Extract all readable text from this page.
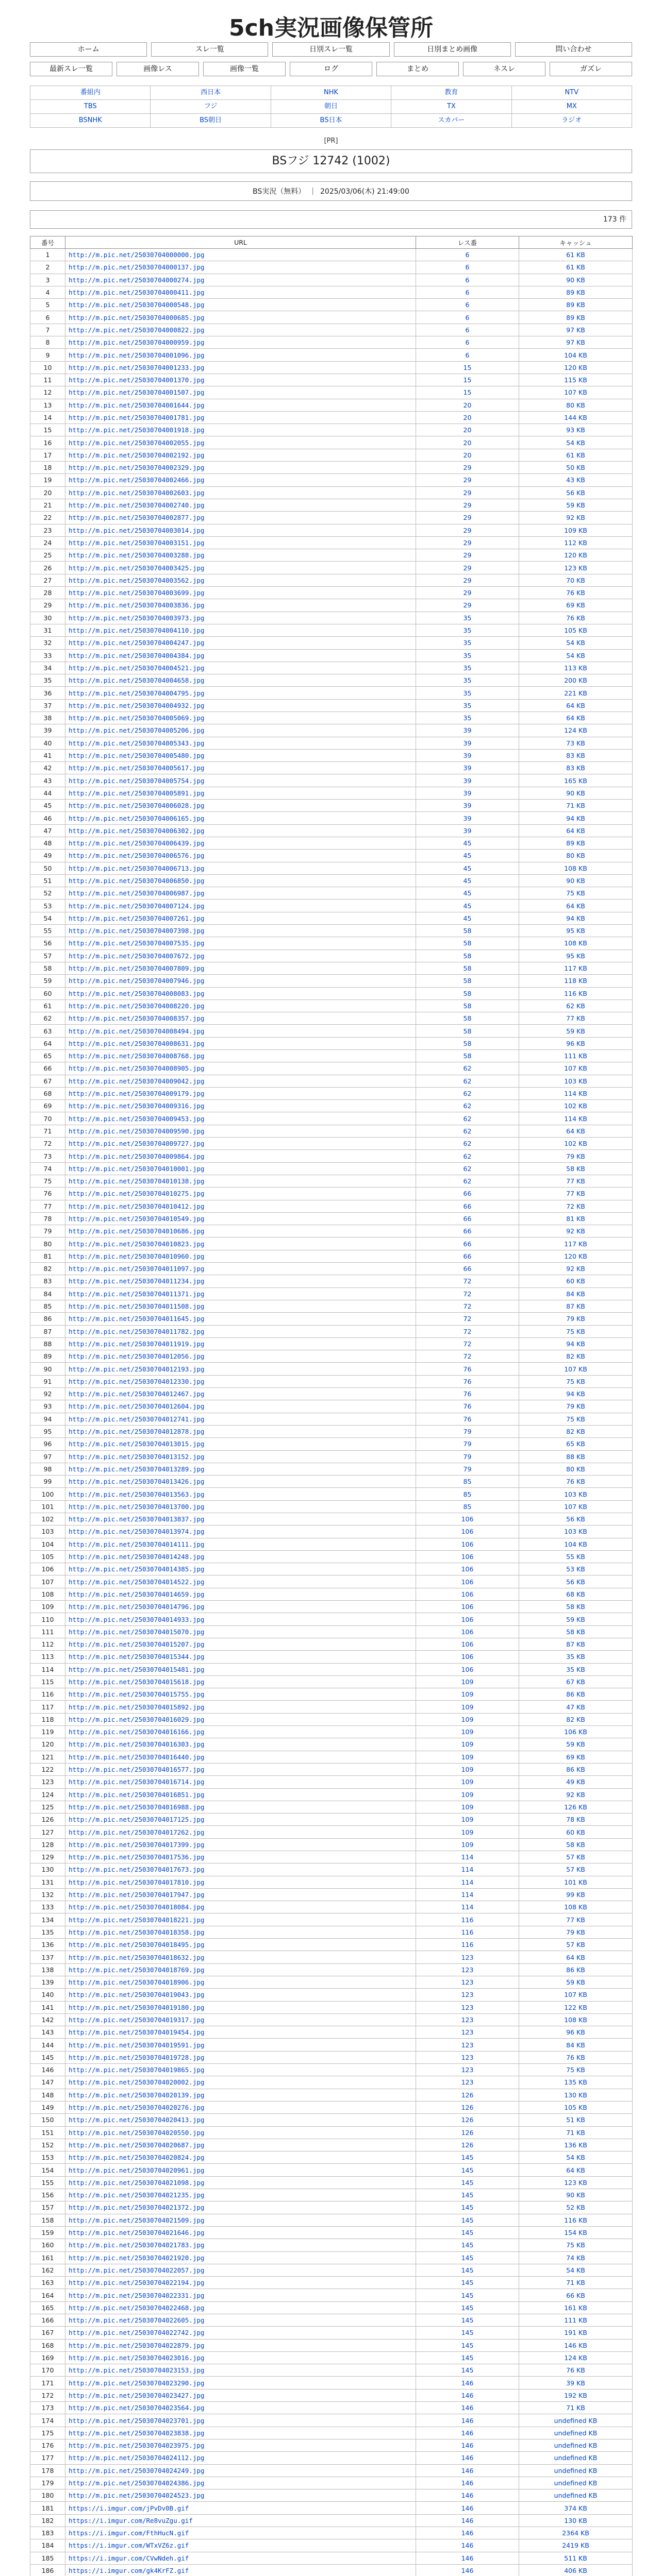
5ch実況画像保管所
ホーム	スレ一覧	日別スレ一覧	日別まとめ画像	問い合わせ
最新スレ一覧	画像レス	画像一覧	ログ	まとめ	ネスレ	ガズレ
番組内	西日本	NHK	教育	NTV
TBS	フジ	朝日	TX	MX
BSNHK	BS朝日	BS日本	スカパー	ラジオ
[PR]
BSフジ 12742 (1002)
BS実況（無料） | 2025/03/06(木) 21:49:00
173 件
番号	URL	レス番	キャッシュ
1	http://m.pic.net/25030704000000.jpg	6	61 KB
2	http://m.pic.net/25030704000137.jpg	6	61 KB
3	http://m.pic.net/25030704000274.jpg	6	90 KB
4	http://m.pic.net/25030704000411.jpg	6	89 KB
5	http://m.pic.net/25030704000548.jpg	6	89 KB
6	http://m.pic.net/25030704000685.jpg	6	89 KB
7	http://m.pic.net/25030704000822.jpg	6	97 KB
8	http://m.pic.net/25030704000959.jpg	6	97 KB
9	http://m.pic.net/25030704001096.jpg	6	104 KB
10	http://m.pic.net/25030704001233.jpg	15	120 KB
11	http://m.pic.net/25030704001370.jpg	15	115 KB
12	http://m.pic.net/25030704001507.jpg	15	107 KB
13	http://m.pic.net/25030704001644.jpg	20	80 KB
14	http://m.pic.net/25030704001781.jpg	20	144 KB
15	http://m.pic.net/25030704001918.jpg	20	93 KB
16	http://m.pic.net/25030704002055.jpg	20	54 KB
17	http://m.pic.net/25030704002192.jpg	20	61 KB
18	http://m.pic.net/25030704002329.jpg	29	50 KB
19	http://m.pic.net/25030704002466.jpg	29	43 KB
20	http://m.pic.net/25030704002603.jpg	29	56 KB
21	http://m.pic.net/25030704002740.jpg	29	59 KB
22	http://m.pic.net/25030704002877.jpg	29	92 KB
23	http://m.pic.net/25030704003014.jpg	29	109 KB
24	http://m.pic.net/25030704003151.jpg	29	112 KB
25	http://m.pic.net/25030704003288.jpg	29	120 KB
26	http://m.pic.net/25030704003425.jpg	29	123 KB
27	http://m.pic.net/25030704003562.jpg	29	70 KB
28	http://m.pic.net/25030704003699.jpg	29	76 KB
29	http://m.pic.net/25030704003836.jpg	29	69 KB
30	http://m.pic.net/25030704003973.jpg	35	76 KB
31	http://m.pic.net/25030704004110.jpg	35	105 KB
32	http://m.pic.net/25030704004247.jpg	35	54 KB
33	http://m.pic.net/25030704004384.jpg	35	54 KB
34	http://m.pic.net/25030704004521.jpg	35	113 KB
35	http://m.pic.net/25030704004658.jpg	35	200 KB
36	http://m.pic.net/25030704004795.jpg	35	221 KB
37	http://m.pic.net/25030704004932.jpg	35	64 KB
38	http://m.pic.net/25030704005069.jpg	35	64 KB
39	http://m.pic.net/25030704005206.jpg	39	124 KB
40	http://m.pic.net/25030704005343.jpg	39	73 KB
41	http://m.pic.net/25030704005480.jpg	39	83 KB
42	http://m.pic.net/25030704005617.jpg	39	83 KB
43	http://m.pic.net/25030704005754.jpg	39	165 KB
44	http://m.pic.net/25030704005891.jpg	39	90 KB
45	http://m.pic.net/25030704006028.jpg	39	71 KB
46	http://m.pic.net/25030704006165.jpg	39	94 KB
47	http://m.pic.net/25030704006302.jpg	39	64 KB
48	http://m.pic.net/25030704006439.jpg	45	89 KB
49	http://m.pic.net/25030704006576.jpg	45	80 KB
50	http://m.pic.net/25030704006713.jpg	45	108 KB
51	http://m.pic.net/25030704006850.jpg	45	90 KB
52	http://m.pic.net/25030704006987.jpg	45	75 KB
53	http://m.pic.net/25030704007124.jpg	45	64 KB
54	http://m.pic.net/25030704007261.jpg	45	94 KB
55	http://m.pic.net/25030704007398.jpg	58	95 KB
56	http://m.pic.net/25030704007535.jpg	58	108 KB
57	http://m.pic.net/25030704007672.jpg	58	95 KB
58	http://m.pic.net/25030704007809.jpg	58	117 KB
59	http://m.pic.net/25030704007946.jpg	58	118 KB
60	http://m.pic.net/25030704008083.jpg	58	116 KB
61	http://m.pic.net/25030704008220.jpg	58	62 KB
62	http://m.pic.net/25030704008357.jpg	58	77 KB
63	http://m.pic.net/25030704008494.jpg	58	59 KB
64	http://m.pic.net/25030704008631.jpg	58	96 KB
65	http://m.pic.net/25030704008768.jpg	58	111 KB
66	http://m.pic.net/25030704008905.jpg	62	107 KB
67	http://m.pic.net/25030704009042.jpg	62	103 KB
68	http://m.pic.net/25030704009179.jpg	62	114 KB
69	http://m.pic.net/25030704009316.jpg	62	102 KB
70	http://m.pic.net/25030704009453.jpg	62	114 KB
71	http://m.pic.net/25030704009590.jpg	62	64 KB
72	http://m.pic.net/25030704009727.jpg	62	102 KB
73	http://m.pic.net/25030704009864.jpg	62	79 KB
74	http://m.pic.net/25030704010001.jpg	62	58 KB
75	http://m.pic.net/25030704010138.jpg	62	77 KB
76	http://m.pic.net/25030704010275.jpg	66	77 KB
77	http://m.pic.net/25030704010412.jpg	66	72 KB
78	http://m.pic.net/25030704010549.jpg	66	81 KB
79	http://m.pic.net/25030704010686.jpg	66	92 KB
80	http://m.pic.net/25030704010823.jpg	66	117 KB
81	http://m.pic.net/25030704010960.jpg	66	120 KB
82	http://m.pic.net/25030704011097.jpg	66	92 KB
83	http://m.pic.net/25030704011234.jpg	72	60 KB
84	http://m.pic.net/25030704011371.jpg	72	84 KB
85	http://m.pic.net/25030704011508.jpg	72	87 KB
86	http://m.pic.net/25030704011645.jpg	72	79 KB
87	http://m.pic.net/25030704011782.jpg	72	75 KB
88	http://m.pic.net/25030704011919.jpg	72	94 KB
89	http://m.pic.net/25030704012056.jpg	72	82 KB
90	http://m.pic.net/25030704012193.jpg	76	107 KB
91	http://m.pic.net/25030704012330.jpg	76	75 KB
92	http://m.pic.net/25030704012467.jpg	76	94 KB
93	http://m.pic.net/25030704012604.jpg	76	79 KB
94	http://m.pic.net/25030704012741.jpg	76	75 KB
95	http://m.pic.net/25030704012878.jpg	79	82 KB
96	http://m.pic.net/25030704013015.jpg	79	65 KB
97	http://m.pic.net/25030704013152.jpg	79	88 KB
98	http://m.pic.net/25030704013289.jpg	79	80 KB
99	http://m.pic.net/25030704013426.jpg	85	76 KB
100	http://m.pic.net/25030704013563.jpg	85	103 KB
101	http://m.pic.net/25030704013700.jpg	85	107 KB
102	http://m.pic.net/25030704013837.jpg	106	56 KB
103	http://m.pic.net/25030704013974.jpg	106	103 KB
104	http://m.pic.net/25030704014111.jpg	106	104 KB
105	http://m.pic.net/25030704014248.jpg	106	55 KB
106	http://m.pic.net/25030704014385.jpg	106	53 KB
107	http://m.pic.net/25030704014522.jpg	106	56 KB
108	http://m.pic.net/25030704014659.jpg	106	68 KB
109	http://m.pic.net/25030704014796.jpg	106	58 KB
110	http://m.pic.net/25030704014933.jpg	106	59 KB
111	http://m.pic.net/25030704015070.jpg	106	58 KB
112	http://m.pic.net/25030704015207.jpg	106	87 KB
113	http://m.pic.net/25030704015344.jpg	106	35 KB
114	http://m.pic.net/25030704015481.jpg	106	35 KB
115	http://m.pic.net/25030704015618.jpg	109	67 KB
116	http://m.pic.net/25030704015755.jpg	109	86 KB
117	http://m.pic.net/25030704015892.jpg	109	47 KB
118	http://m.pic.net/25030704016029.jpg	109	82 KB
119	http://m.pic.net/25030704016166.jpg	109	106 KB
120	http://m.pic.net/25030704016303.jpg	109	59 KB
121	http://m.pic.net/25030704016440.jpg	109	69 KB
122	http://m.pic.net/25030704016577.jpg	109	86 KB
123	http://m.pic.net/25030704016714.jpg	109	49 KB
124	http://m.pic.net/25030704016851.jpg	109	92 KB
125	http://m.pic.net/25030704016988.jpg	109	126 KB
126	http://m.pic.net/25030704017125.jpg	109	78 KB
127	http://m.pic.net/25030704017262.jpg	109	60 KB
128	http://m.pic.net/25030704017399.jpg	109	58 KB
129	http://m.pic.net/25030704017536.jpg	114	57 KB
130	http://m.pic.net/25030704017673.jpg	114	57 KB
131	http://m.pic.net/25030704017810.jpg	114	101 KB
132	http://m.pic.net/25030704017947.jpg	114	99 KB
133	http://m.pic.net/25030704018084.jpg	114	108 KB
134	http://m.pic.net/25030704018221.jpg	116	77 KB
135	http://m.pic.net/25030704018358.jpg	116	79 KB
136	http://m.pic.net/25030704018495.jpg	116	57 KB
137	http://m.pic.net/25030704018632.jpg	123	64 KB
138	http://m.pic.net/25030704018769.jpg	123	86 KB
139	http://m.pic.net/25030704018906.jpg	123	59 KB
140	http://m.pic.net/25030704019043.jpg	123	107 KB
141	http://m.pic.net/25030704019180.jpg	123	122 KB
142	http://m.pic.net/25030704019317.jpg	123	108 KB
143	http://m.pic.net/25030704019454.jpg	123	96 KB
144	http://m.pic.net/25030704019591.jpg	123	84 KB
145	http://m.pic.net/25030704019728.jpg	123	76 KB
146	http://m.pic.net/25030704019865.jpg	123	75 KB
147	http://m.pic.net/25030704020002.jpg	123	135 KB
148	http://m.pic.net/25030704020139.jpg	126	130 KB
149	http://m.pic.net/25030704020276.jpg	126	105 KB
150	http://m.pic.net/25030704020413.jpg	126	51 KB
151	http://m.pic.net/25030704020550.jpg	126	71 KB
152	http://m.pic.net/25030704020687.jpg	126	136 KB
153	http://m.pic.net/25030704020824.jpg	145	54 KB
154	http://m.pic.net/25030704020961.jpg	145	64 KB
155	http://m.pic.net/25030704021098.jpg	145	123 KB
156	http://m.pic.net/25030704021235.jpg	145	90 KB
157	http://m.pic.net/25030704021372.jpg	145	52 KB
158	http://m.pic.net/25030704021509.jpg	145	116 KB
159	http://m.pic.net/25030704021646.jpg	145	154 KB
160	http://m.pic.net/25030704021783.jpg	145	75 KB
161	http://m.pic.net/25030704021920.jpg	145	74 KB
162	http://m.pic.net/25030704022057.jpg	145	54 KB
163	http://m.pic.net/25030704022194.jpg	145	71 KB
164	http://m.pic.net/25030704022331.jpg	145	66 KB
165	http://m.pic.net/25030704022468.jpg	145	161 KB
166	http://m.pic.net/25030704022605.jpg	145	111 KB
167	http://m.pic.net/25030704022742.jpg	145	191 KB
168	http://m.pic.net/25030704022879.jpg	145	146 KB
169	http://m.pic.net/25030704023016.jpg	145	124 KB
170	http://m.pic.net/25030704023153.jpg	145	76 KB
171	http://m.pic.net/25030704023290.jpg	146	39 KB
172	http://m.pic.net/25030704023427.jpg	146	192 KB
173	http://m.pic.net/25030704023564.jpg	146	71 KB
174	http://m.pic.net/25030704023701.jpg	146	undefined KB
175	http://m.pic.net/25030704023838.jpg	146	undefined KB
176	http://m.pic.net/25030704023975.jpg	146	undefined KB
177	http://m.pic.net/25030704024112.jpg	146	undefined KB
178	http://m.pic.net/25030704024249.jpg	146	undefined KB
179	http://m.pic.net/25030704024386.jpg	146	undefined KB
180	http://m.pic.net/25030704024523.jpg	146	undefined KB
181	https://i.imgur.com/jPvDv0B.gif	146	374 KB
182	https://i.imgur.com/Re8vuZgu.gif	146	130 KB
183	https://i.imgur.com/FthHucN.gif	146	2364 KB
184	https://i.imgur.com/WTxVZ6z.gif	146	2419 KB
185	https://i.imgur.com/CVwNdeh.gif	146	511 KB
186	https://i.imgur.com/gk4KrFZ.gif	146	406 KB
